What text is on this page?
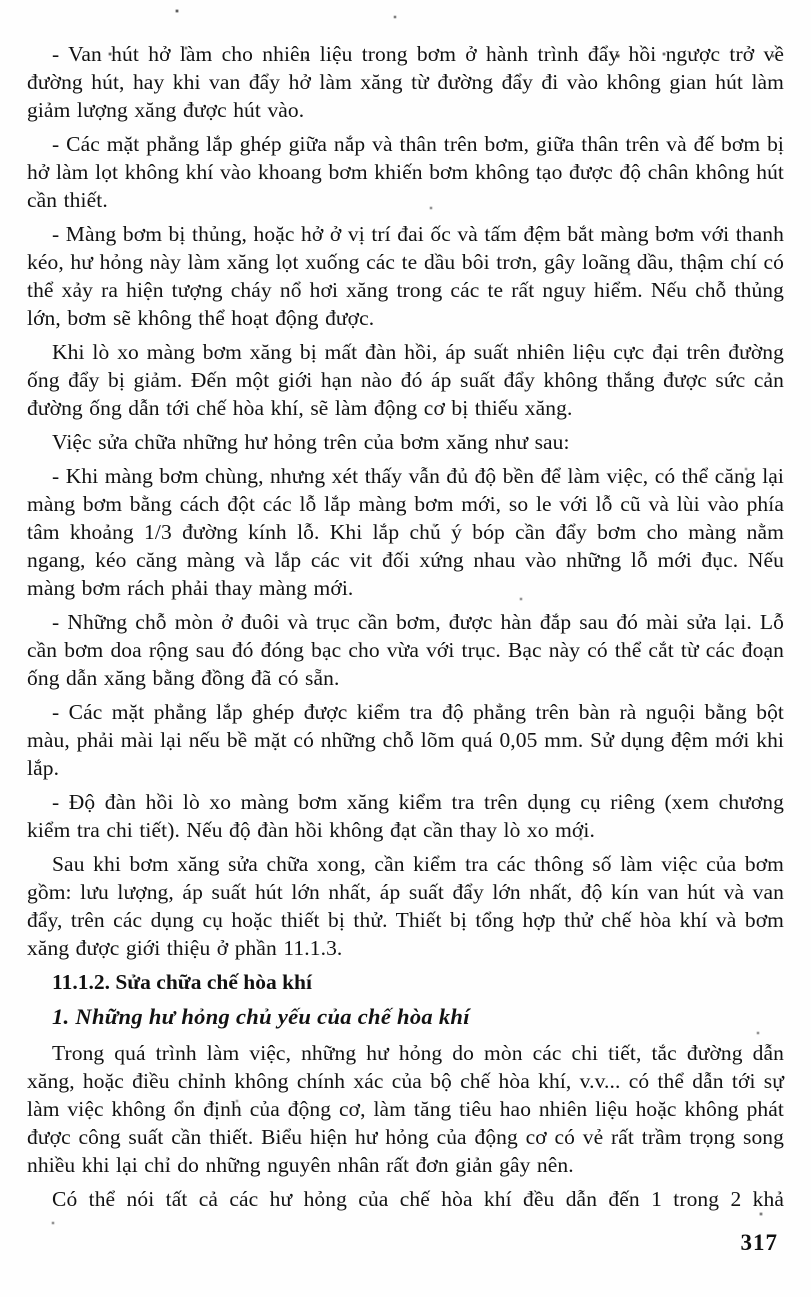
- Van hút hở làm cho nhiên liệu trong bơm ở hành trình đẩy hồi ngược trở về đường hút, hay khi van đẩy hở làm xăng từ đường đẩy đi vào không gian hút làm giảm lượng xăng được hút vào.

- Các mặt phẳng lắp ghép giữa nắp và thân trên bơm, giữa thân trên và đế bơm bị hở làm lọt không khí vào khoang bơm khiến bơm không tạo được độ chân không hút cần thiết.

- Màng bơm bị thủng, hoặc hở ở vị trí đai ốc và tấm đệm bắt màng bơm với thanh kéo, hư hỏng này làm xăng lọt xuống các te dầu bôi trơn, gây loãng dầu, thậm chí có thể xảy ra hiện tượng cháy nổ hơi xăng trong các te rất nguy hiểm. Nếu chỗ thủng lớn, bơm sẽ không thể hoạt động được.

Khi lò xo màng bơm xăng bị mất đàn hồi, áp suất nhiên liệu cực đại trên đường ống đẩy bị giảm. Đến một giới hạn nào đó áp suất đẩy không thắng được sức cản đường ống dẫn tới chế hòa khí, sẽ làm động cơ bị thiếu xăng.

Việc sửa chữa những hư hỏng trên của bơm xăng như sau:

- Khi màng bơm chùng, nhưng xét thấy vẫn đủ độ bền để làm việc, có thể căng lại màng bơm bằng cách đột các lỗ lắp màng bơm mới, so le với lỗ cũ và lùi vào phía tâm khoảng 1/3 đường kính lỗ. Khi lắp chú ý bóp cần đẩy bơm cho màng nằm ngang, kéo căng màng và lắp các vit đối xứng nhau vào những lỗ mới đục. Nếu màng bơm rách phải thay màng mới.

- Những chỗ mòn ở đuôi và trục cần bơm, được hàn đắp sau đó mài sửa lại. Lỗ cần bơm doa rộng sau đó đóng bạc cho vừa với trục. Bạc này có thể cắt từ các đoạn ống dẫn xăng bằng đồng đã có sẵn.

- Các mặt phẳng lắp ghép được kiểm tra độ phẳng trên bàn rà nguội bằng bột màu, phải mài lại nếu bề mặt có những chỗ lõm quá 0,05 mm. Sử dụng đệm mới khi lắp.

- Độ đàn hồi lò xo màng bơm xăng kiểm tra trên dụng cụ riêng (xem chương kiểm tra chi tiết). Nếu độ đàn hồi không đạt cần thay lò xo mới.

Sau khi bơm xăng sửa chữa xong, cần kiểm tra các thông số làm việc của bơm gồm: lưu lượng, áp suất hút lớn nhất, áp suất đẩy lớn nhất, độ kín van hút và van đẩy, trên các dụng cụ hoặc thiết bị thử. Thiết bị tổng hợp thử chế hòa khí và bơm xăng được giới thiệu ở phần 11.1.3.

11.1.2. Sửa chữa chế hòa khí
1. Những hư hỏng chủ yếu của chế hòa khí

Trong quá trình làm việc, những hư hỏng do mòn các chi tiết, tắc đường dẫn xăng, hoặc điều chỉnh không chính xác của bộ chế hòa khí, v.v... có thể dẫn tới sự làm việc không ổn định của động cơ, làm tăng tiêu hao nhiên liệu hoặc không phát được công suất cần thiết. Biểu hiện hư hỏng của động cơ có vẻ rất trầm trọng song nhiều khi lại chỉ do những nguyên nhân rất đơn giản gây nên.

Có thể nói tất cả các hư hỏng của chế hòa khí đều dẫn đến 1 trong 2 khả

317
